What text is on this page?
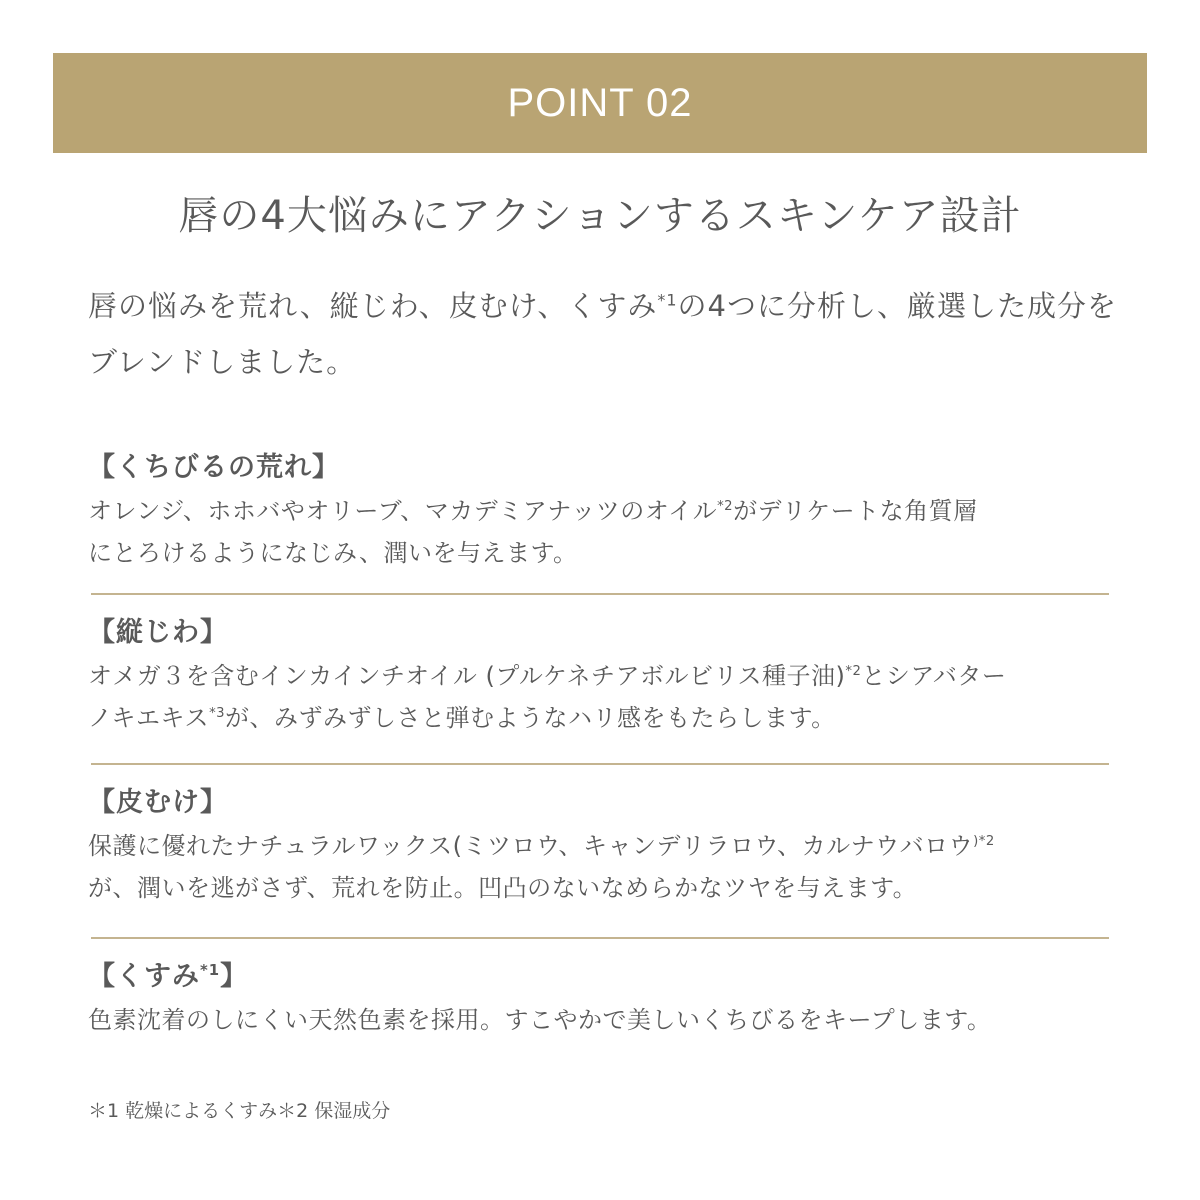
POINT 02
唇の4大悩みにアクションするスキンケア設計
唇の悩みを荒れ、縦じわ、皮むけ、くすみ$^{*1}$の4つに分析し、厳選した成分をブレンドしました。
【くちびるの荒れ】
オレンジ、ホホバやオリーブ、マカデミアナッツのオイル$^{*2}$がデリケートな角質層
にとろけるようになじみ、潤いを与えます。
【縦じわ】
オメガ３を含むインカインチオイル (プルケネチアボルビリス種子油)$^{*2}$とシアバター
ノキエキス$^{*3}$が、みずみずしさと弾むようなハリ感をもたらします。
【皮むけ】
保護に優れたナチュラルワックス(ミツロウ、キャンデリラロウ、カルナウバロウ$^{)*2}$
が、潤いを逃がさず、荒れを防止。凹凸のないなめらかなツヤを与えます。
【くすみ$^{*1}$】
色素沈着のしにくい天然色素を採用。すこやかで美しいくちびるをキープします。
＊1 乾燥によるくすみ＊2 保湿成分
